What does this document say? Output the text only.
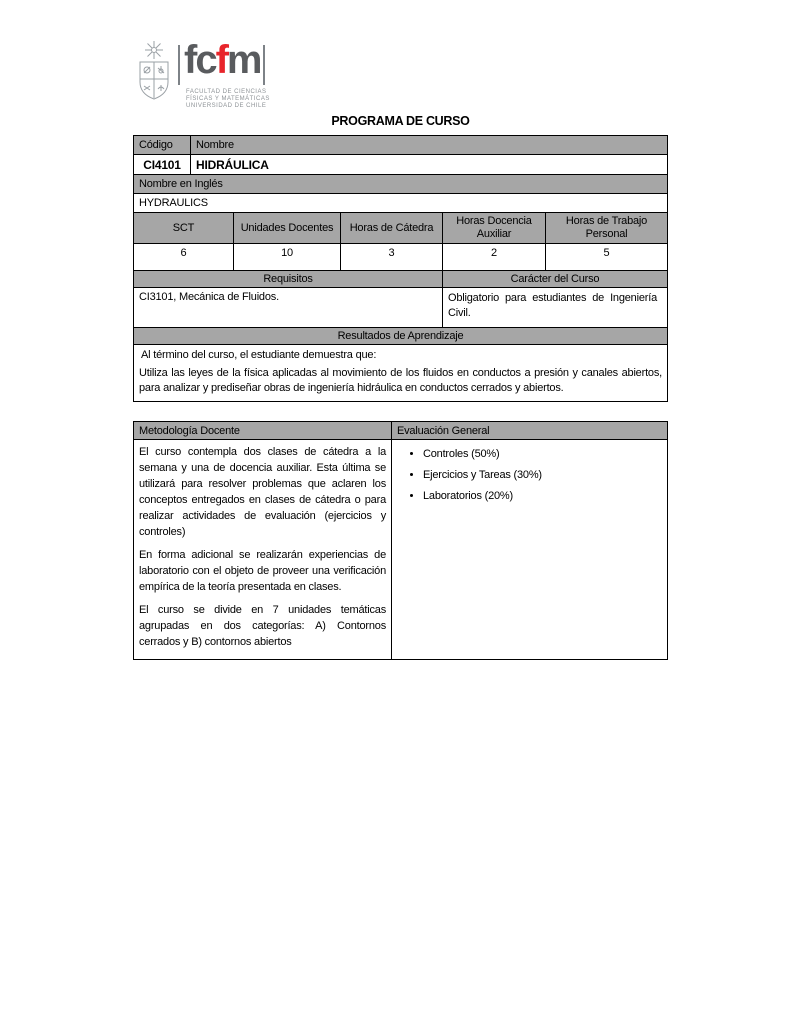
fcfm
FACULTAD DE CIENCIAS
FÍSICAS Y MATEMÁTICAS
UNIVERSIDAD DE CHILE
PROGRAMA DE CURSO
Código	Nombre
CI4101	HIDRÁULICA
Nombre en Inglés
HYDRAULICS
SCT	Unidades Docentes	Horas de Cátedra	Horas Docencia Auxiliar	Horas de Trabajo Personal
6	10	3	2	5
Requisitos	Carácter del Curso
CI3101, Mecánica de Fluidos.	Obligatorio para estudiantes de Ingeniería Civil.
Resultados de Aprendizaje

Al término del curso, el estudiante demuestra que:
Utiliza las leyes de la física aplicadas al movimiento de los fluidos en conductos a presión y canales abiertos, para analizar y prediseñar obras de ingeniería hidráulica en conductos cerrados y abiertos.
Metodología Docente	Evaluación General

El curso contempla dos clases de cátedra a la semana y una de docencia auxiliar. Esta última se utilizará para resolver problemas que aclaren los conceptos entregados en clases de cátedra o para realizar actividades de evaluación (ejercicios y controles)
En forma adicional se realizarán experiencias de laboratorio con el objeto de proveer una verificación empírica de la teoría presentada en clases.
El curso se divide en 7 unidades temáticas agrupadas en dos categorías: A) Contornos cerrados y B) contornos abiertos

• Controles (50%)
• Ejercicios y Tareas (30%)
• Laboratorios (20%)
